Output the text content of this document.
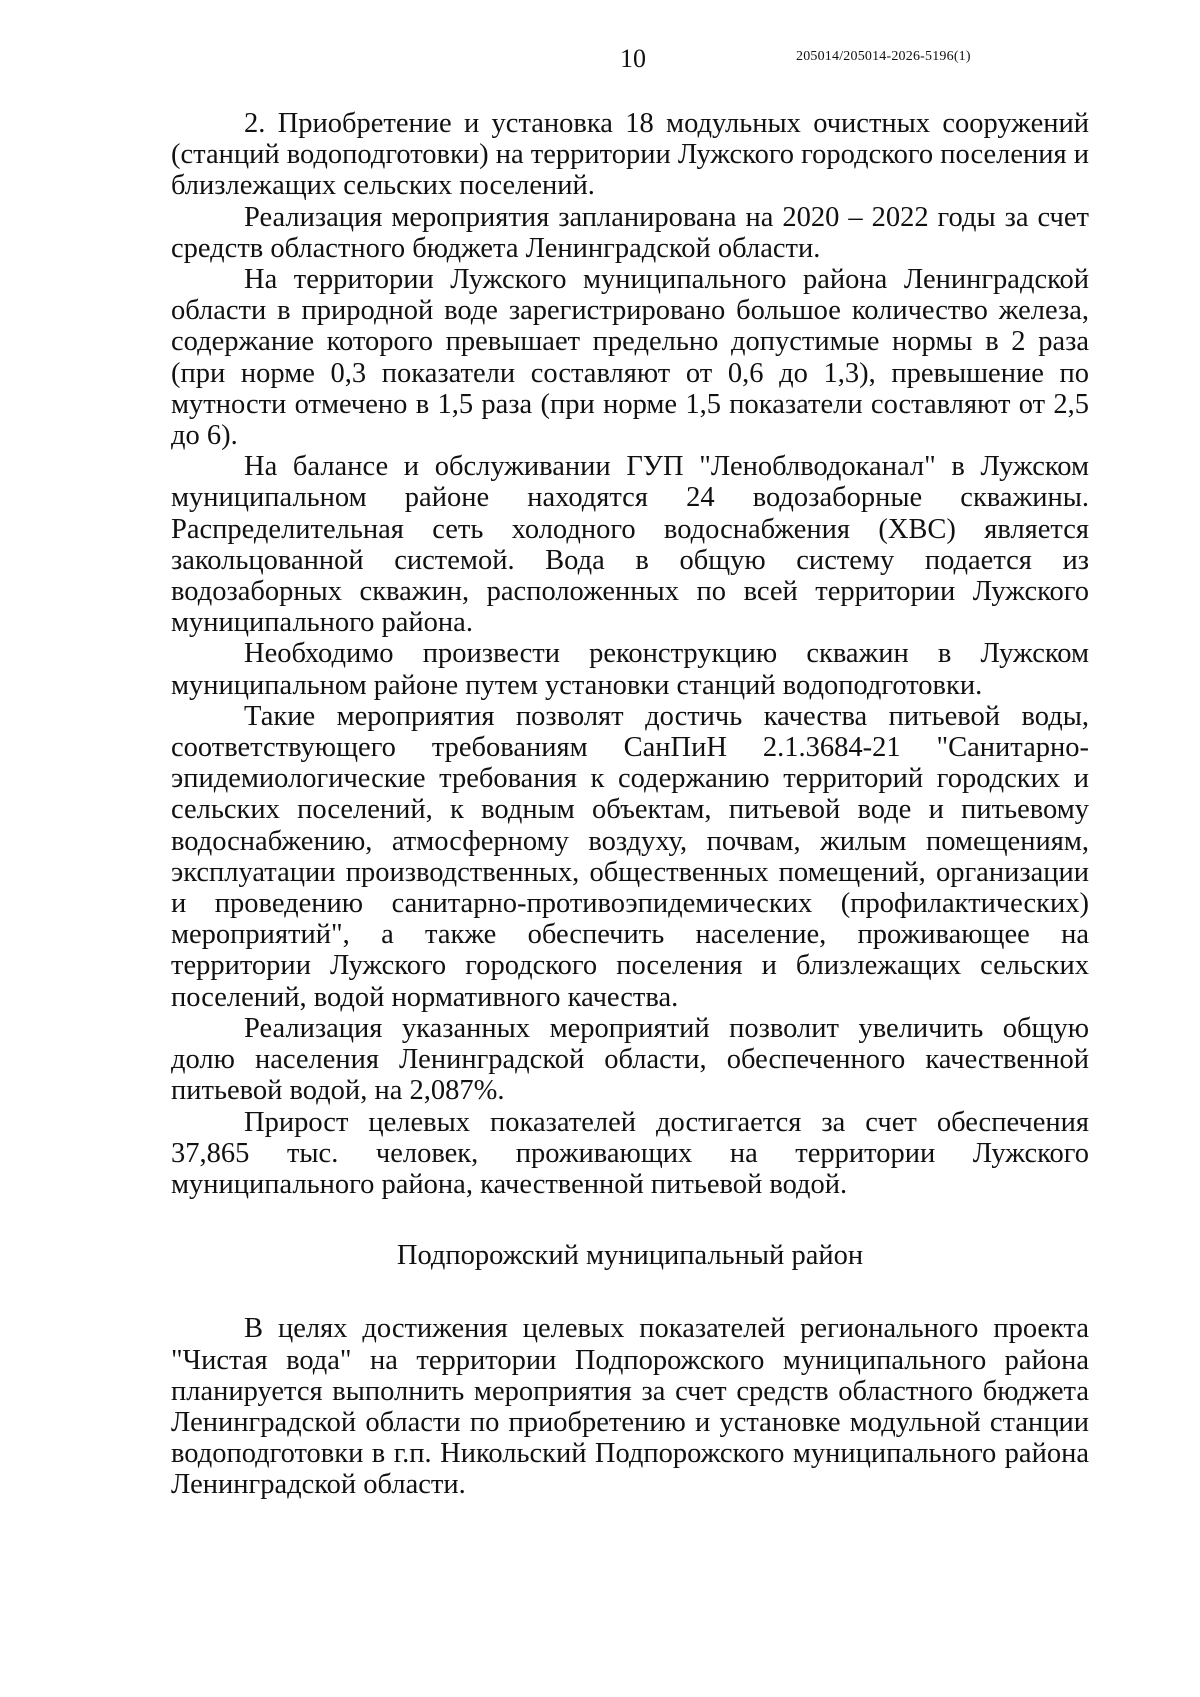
10	205014/205014-2026-5196(1)

2. Приобретение и установка 18 модульных очистных сооружений (станций водоподготовки) на территории Лужского городского поселения и близлежащих сельских поселений.

Реализация мероприятия запланирована на 2020 – 2022 годы за счет средств областного бюджета Ленинградской области.

На территории Лужского муниципального района Ленинградской области в природной воде зарегистрировано большое количество железа, содержание которого превышает предельно допустимые нормы в 2 раза (при норме 0,3 показатели составляют от 0,6 до 1,3), превышение по мутности отмечено в 1,5 раза (при норме 1,5 показатели составляют от 2,5 до 6).

На балансе и обслуживании ГУП "Леноблводоканал" в Лужском муниципальном районе находятся 24 водозаборные скважины. Распределительная сеть холодного водоснабжения (ХВС) является закольцованной системой. Вода в общую систему подается из водозаборных скважин, расположенных по всей территории Лужского муниципального района.

Необходимо произвести реконструкцию скважин в Лужском муниципальном районе путем установки станций водоподготовки.

Такие мероприятия позволят достичь качества питьевой воды, соответствующего требованиям СанПиН 2.1.3684-21 "Санитарно-эпидемиологические требования к содержанию территорий городских и сельских поселений, к водным объектам, питьевой воде и питьевому водоснабжению, атмосферному воздуху, почвам, жилым помещениям, эксплуатации производственных, общественных помещений, организации и проведению санитарно-противоэпидемических (профилактических) мероприятий", а также обеспечить население, проживающее на территории Лужского городского поселения и близлежащих сельских поселений, водой нормативного качества.

Реализация указанных мероприятий позволит увеличить общую долю населения Ленинградской области, обеспеченного качественной питьевой водой, на 2,087%.

Прирост целевых показателей достигается за счет обеспечения 37,865 тыс. человек, проживающих на территории Лужского муниципального района, качественной питьевой водой.

Подпорожский муниципальный район

В целях достижения целевых показателей регионального проекта "Чистая вода" на территории Подпорожского муниципального района планируется выполнить мероприятия за счет средств областного бюджета Ленинградской области по приобретению и установке модульной станции водоподготовки в г.п. Никольский Подпорожского муниципального района Ленинградской области.
